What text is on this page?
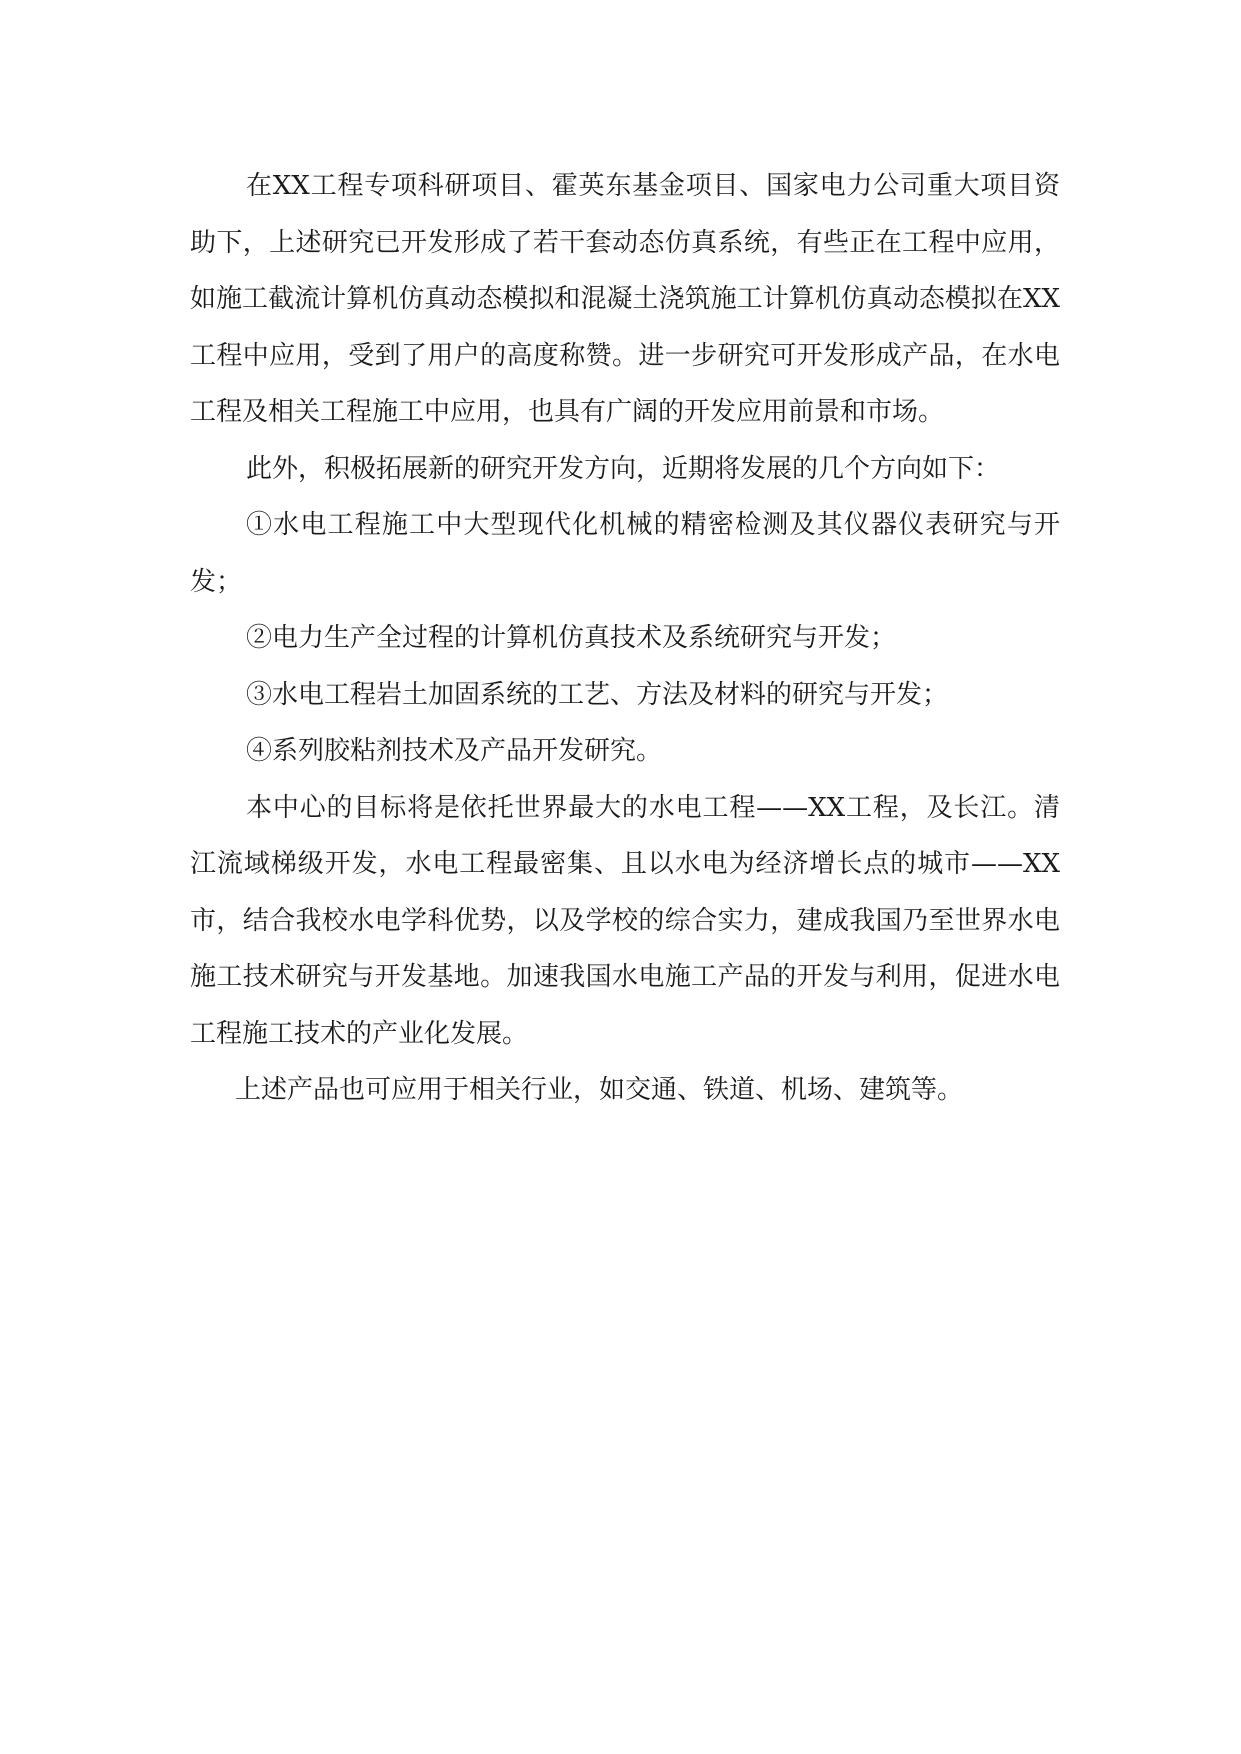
在XX工程专项科研项目、霍英东基金项目、国家电力公司重大项目资助下，上述研究已开发形成了若干套动态仿真系统，有些正在工程中应用，如施工截流计算机仿真动态模拟和混凝土浇筑施工计算机仿真动态模拟在XX工程中应用，受到了用户的高度称赞。进一步研究可开发形成产品，在水电工程及相关工程施工中应用，也具有广阔的开发应用前景和市场。

此外，积极拓展新的研究开发方向，近期将发展的几个方向如下：

①水电工程施工中大型现代化机械的精密检测及其仪器仪表研究与开发；

②电力生产全过程的计算机仿真技术及系统研究与开发；

③水电工程岩土加固系统的工艺、方法及材料的研究与开发；

④系列胶粘剂技术及产品开发研究。

本中心的目标将是依托世界最大的水电工程——XX工程，及长江。清江流域梯级开发，水电工程最密集、且以水电为经济增长点的城市——XX市，结合我校水电学科优势，以及学校的综合实力，建成我国乃至世界水电施工技术研究与开发基地。加速我国水电施工产品的开发与利用，促进水电工程施工技术的产业化发展。

上述产品也可应用于相关行业，如交通、铁道、机场、建筑等。
